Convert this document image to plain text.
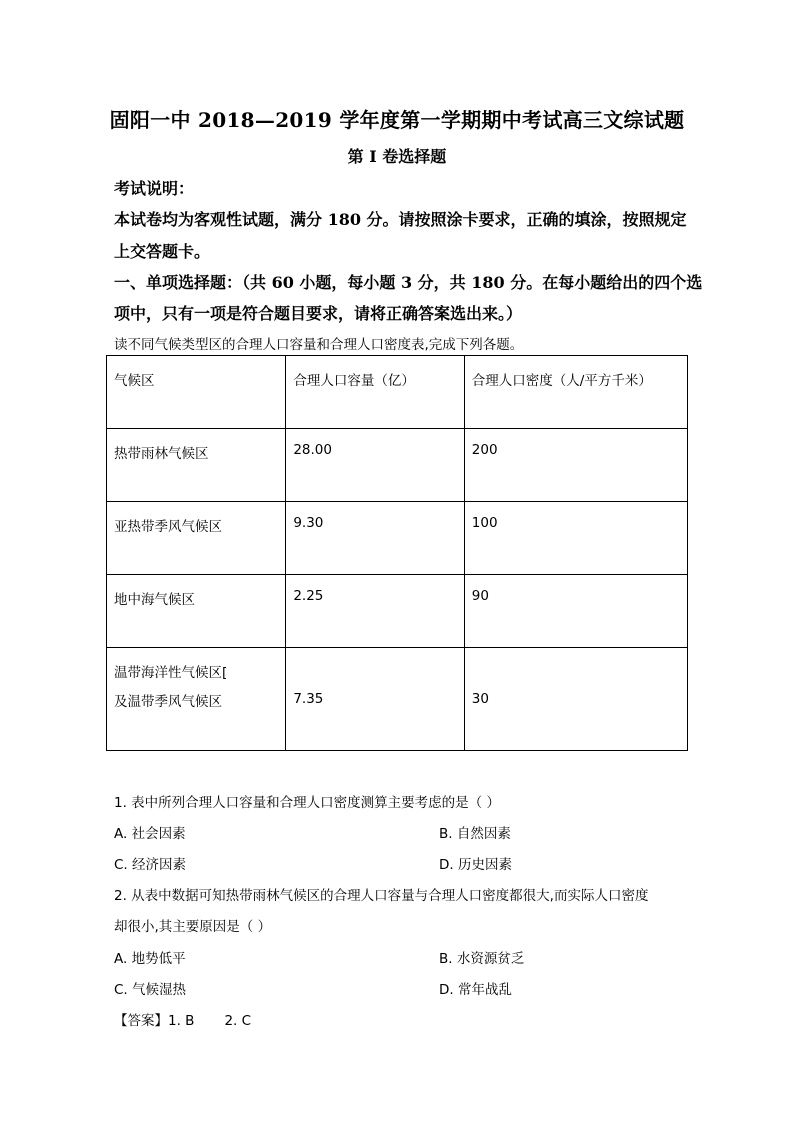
固阳一中 2018—2019 学年度第一学期期中考试高三文综试题
第 I 卷选择题
考试说明：
本试卷均为客观性试题，满分 180 分。请按照涂卡要求，正确的填涂，按照规定
上交答题卡。
一、单项选择题：（共 60 小题，每小题 3 分，共 180 分。在每小题给出的四个选
项中，只有一项是符合题目要求，请将正确答案选出来。）
读不同气候类型区的合理人口容量和合理人口密度表,完成下列各题。
气候区	合理人口容量（亿）	合理人口密度（人/平方千米）
热带雨林气候区	28.00	200
亚热带季风气候区	9.30	100
地中海气候区	2.25	90

温带海洋性气候区[
及温带季风气候区	7.35	30
1. 表中所列合理人口容量和合理人口密度测算主要考虑的是（ ）
A. 社会因素	B. 自然因素
C. 经济因素	D. 历史因素
2. 从表中数据可知热带雨林气候区的合理人口容量与合理人口密度都很大,而实际人口密度
却很小,其主要原因是（ ）
A. 地势低平	B. 水资源贫乏
C. 气候湿热	D. 常年战乱
【答案】1. B       2. C
